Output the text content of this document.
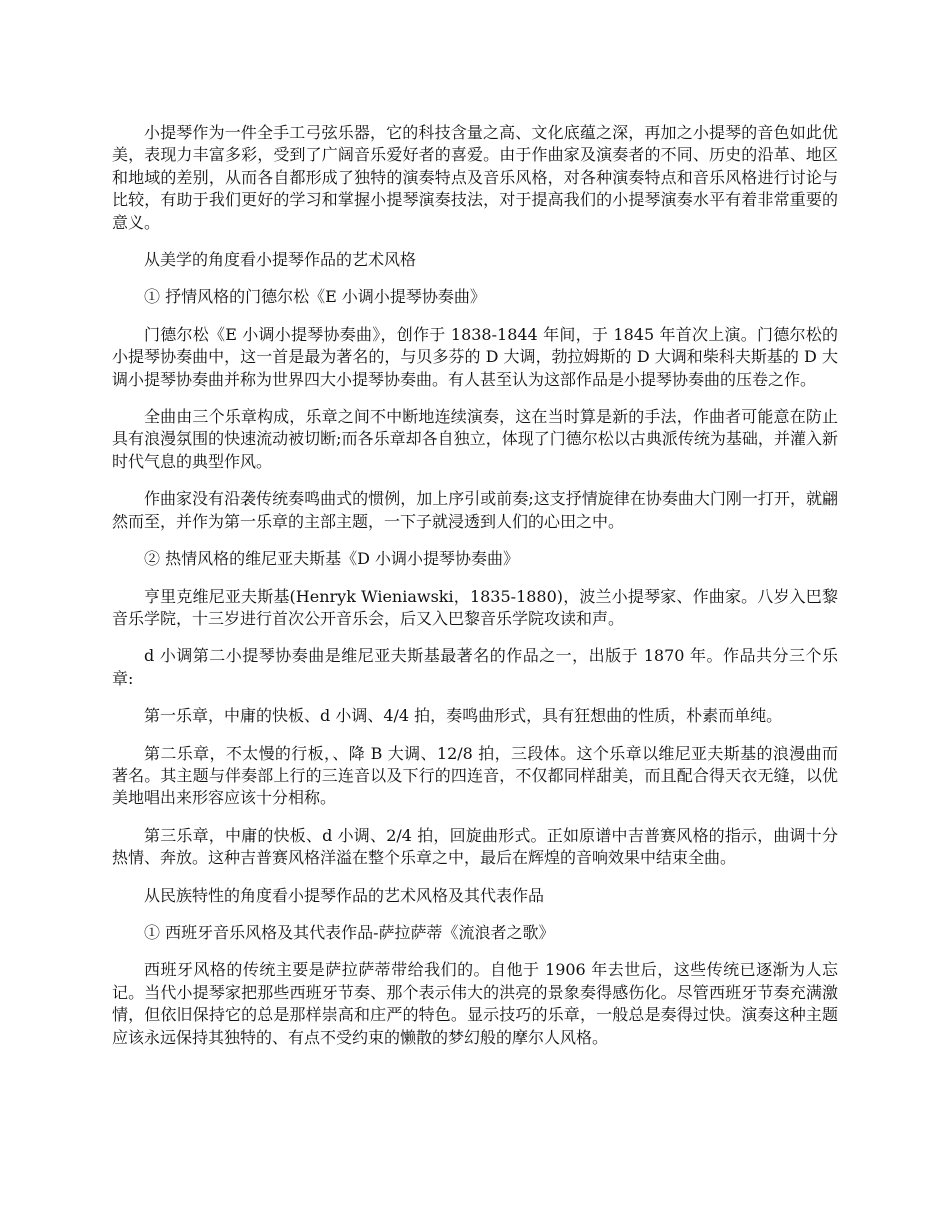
小提琴作为一件全手工弓弦乐器，它的科技含量之高、文化底蕴之深，再加之小提琴的音色如此优美，表现力丰富多彩，受到了广阔音乐爱好者的喜爱。由于作曲家及演奏者的不同、历史的沿革、地区和地域的差别，从而各自都形成了独特的演奏特点及音乐风格，对各种演奏特点和音乐风格进行讨论与比较，有助于我们更好的学习和掌握小提琴演奏技法，对于提高我们的小提琴演奏水平有着非常重要的意义。

从美学的角度看小提琴作品的艺术风格

① 抒情风格的门德尔松《E 小调小提琴协奏曲》

门德尔松《E 小调小提琴协奏曲》，创作于 1838-1844 年间，于 1845 年首次上演。门德尔松的小提琴协奏曲中，这一首是最为著名的，与贝多芬的 D 大调，勃拉姆斯的 D 大调和柴科夫斯基的 D 大调小提琴协奏曲并称为世界四大小提琴协奏曲。有人甚至认为这部作品是小提琴协奏曲的压卷之作。

全曲由三个乐章构成，乐章之间不中断地连续演奏，这在当时算是新的手法，作曲者可能意在防止具有浪漫氛围的快速流动被切断;而各乐章却各自独立，体现了门德尔松以古典派传统为基础，并灌入新时代气息的典型作风。

作曲家没有沿袭传统奏鸣曲式的惯例，加上序引或前奏;这支抒情旋律在协奏曲大门刚一打开，就翩然而至，并作为第一乐章的主部主题，一下子就浸透到人们的心田之中。

② 热情风格的维尼亚夫斯基《D 小调小提琴协奏曲》

亨里克维尼亚夫斯基(Henryk Wieniawski，1835-1880)，波兰小提琴家、作曲家。八岁入巴黎音乐学院，十三岁进行首次公开音乐会，后又入巴黎音乐学院攻读和声。

d 小调第二小提琴协奏曲是维尼亚夫斯基最著名的作品之一，出版于 1870 年。作品共分三个乐章:

第一乐章，中庸的快板、d 小调、4/4 拍，奏鸣曲形式，具有狂想曲的性质，朴素而单纯。

第二乐章，不太慢的行板，、降 B 大调、12/8 拍，三段体。这个乐章以维尼亚夫斯基的浪漫曲而著名。其主题与伴奏部上行的三连音以及下行的四连音，不仅都同样甜美，而且配合得天衣无缝，以优美地唱出来形容应该十分相称。

第三乐章，中庸的快板、d 小调、2/4 拍，回旋曲形式。正如原谱中吉普赛风格的指示，曲调十分热情、奔放。这种吉普赛风格洋溢在整个乐章之中，最后在辉煌的音响效果中结束全曲。

从民族特性的角度看小提琴作品的艺术风格及其代表作品

① 西班牙音乐风格及其代表作品-萨拉萨蒂《流浪者之歌》

西班牙风格的传统主要是萨拉萨蒂带给我们的。自他于 1906 年去世后，这些传统已逐渐为人忘记。当代小提琴家把那些西班牙节奏、那个表示伟大的洪亮的景象奏得感伤化。尽管西班牙节奏充满激情，但依旧保持它的总是那样崇高和庄严的特色。显示技巧的乐章，一般总是奏得过快。演奏这种主题应该永远保持其独特的、有点不受约束的懒散的梦幻般的摩尔人风格。
